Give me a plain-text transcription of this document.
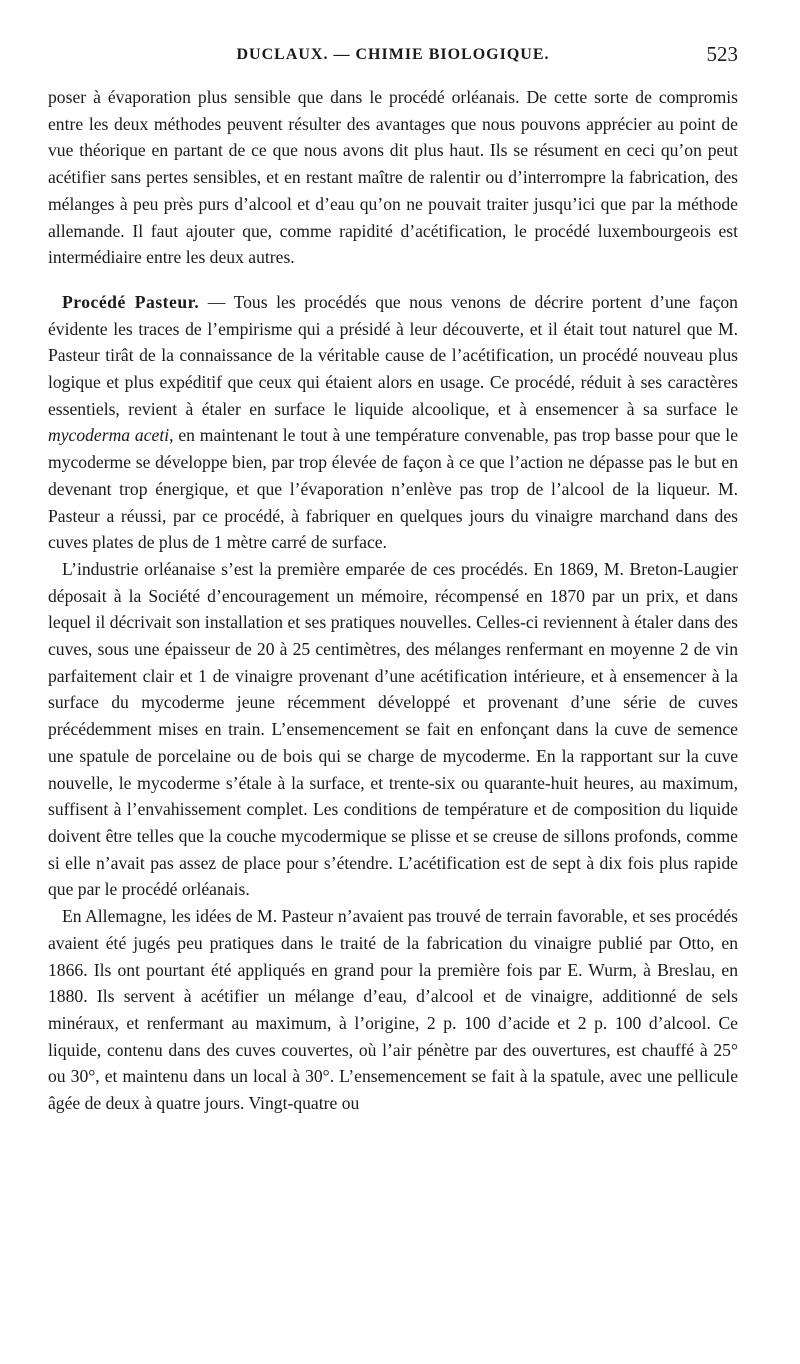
DUCLAUX. — CHIMIE BIOLOGIQUE.	523

poser à évaporation plus sensible que dans le procédé orléanais. De cette sorte de compromis entre les deux méthodes peuvent résulter des avantages que nous pouvons apprécier au point de vue théorique en partant de ce que nous avons dit plus haut. Ils se résument en ceci qu’on peut acétifier sans pertes sensibles, et en restant maître de ralentir ou d’interrompre la fabrication, des mélanges à peu près purs d’alcool et d’eau qu’on ne pouvait traiter jusqu’ici que par la méthode allemande. Il faut ajouter que, comme rapidité d’acétification, le procédé luxembourgeois est intermédiaire entre les deux autres.

Procédé Pasteur. — Tous les procédés que nous venons de décrire portent d’une façon évidente les traces de l’empirisme qui a présidé à leur découverte, et il était tout naturel que M. Pasteur tirât de la connaissance de la véritable cause de l’acétification, un procédé nouveau plus logique et plus expéditif que ceux qui étaient alors en usage. Ce procédé, réduit à ses caractères essentiels, revient à étaler en surface le liquide alcoolique, et à ensemencer à sa surface le mycoderma aceti, en maintenant le tout à une température convenable, pas trop basse pour que le mycoderme se développe bien, par trop élevée de façon à ce que l’action ne dépasse pas le but en devenant trop énergique, et que l’évaporation n’enlève pas trop de l’alcool de la liqueur. M. Pasteur a réussi, par ce procédé, à fabriquer en quelques jours du vinaigre marchand dans des cuves plates de plus de 1 mètre carré de surface.

L’industrie orléanaise s’est la première emparée de ces procédés. En 1869, M. Breton-Laugier déposait à la Société d’encouragement un mémoire, récompensé en 1870 par un prix, et dans lequel il décrivait son installation et ses pratiques nouvelles. Celles-ci reviennent à étaler dans des cuves, sous une épaisseur de 20 à 25 centimètres, des mélanges renfermant en moyenne 2 de vin parfaitement clair et 1 de vinaigre provenant d’une acétification intérieure, et à ensemencer à la surface du mycoderme jeune récemment développé et provenant d’une série de cuves précédemment mises en train. L’ensemencement se fait en enfonçant dans la cuve de semence une spatule de porcelaine ou de bois qui se charge de mycoderme. En la rapportant sur la cuve nouvelle, le mycoderme s’étale à la surface, et trente-six ou quarante-huit heures, au maximum, suffisent à l’envahissement complet. Les conditions de température et de composition du liquide doivent être telles que la couche mycodermique se plisse et se creuse de sillons profonds, comme si elle n’avait pas assez de place pour s’étendre. L’acétification est de sept à dix fois plus rapide que par le procédé orléanais.

En Allemagne, les idées de M. Pasteur n’avaient pas trouvé de terrain favorable, et ses procédés avaient été jugés peu pratiques dans le traité de la fabrication du vinaigre publié par Otto, en 1866. Ils ont pourtant été appliqués en grand pour la première fois par E. Wurm, à Breslau, en 1880. Ils servent à acétifier un mélange d’eau, d’alcool et de vinaigre, additionné de sels minéraux, et renfermant au maximum, à l’origine, 2 p. 100 d’acide et 2 p. 100 d’alcool. Ce liquide, contenu dans des cuves couvertes, où l’air pénètre par des ouvertures, est chauffé à 25° ou 30°, et maintenu dans un local à 30°. L’ensemencement se fait à la spatule, avec une pellicule âgée de deux à quatre jours. Vingt-quatre ou
